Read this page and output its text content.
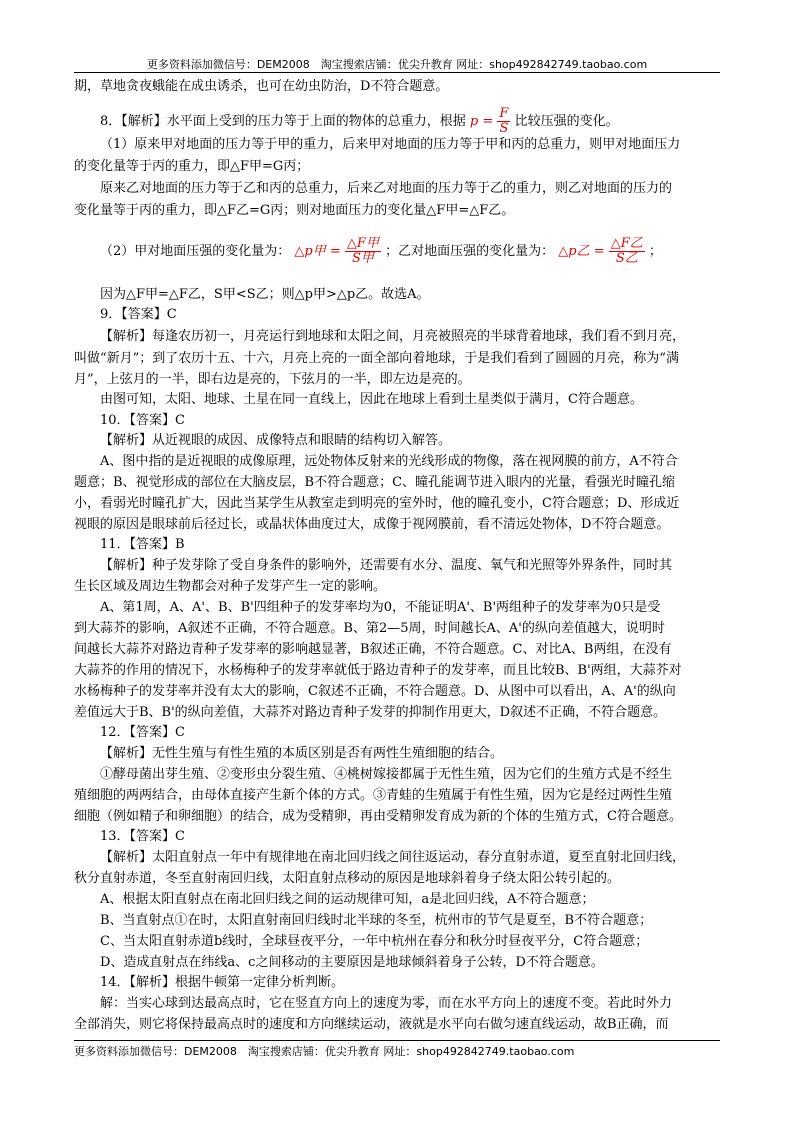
更多资料添加微信号：DEM2008　淘宝搜索店铺：优尖升教育 网址：shop492842749.taobao.com
期，草地贪夜蛾能在成虫诱杀，也可在幼虫防治，D不符合题意。
8．【解析】水平面上受到的压力等于上面的物体的总重力，根据 $p = \frac{F}{S}$ 比较压强的变化。
（1）原来甲对地面的压力等于甲的重力，后来甲对地面的压力等于甲和丙的总重力，则甲对地面压力
的变化量等于丙的重力，即△F甲=G丙；
原来乙对地面的压力等于乙和丙的总重力，后来乙对地面的压力等于乙的重力，则乙对地面的压力的
变化量等于丙的重力，即△F乙=G丙；则对地面压力的变化量△F甲=△F乙。
（2）甲对地面压强的变化量为： △p甲 = $\frac{\text{△F甲}}{\text{S甲}}$ ；乙对地面压强的变化量为： △p乙 = $\frac{\text{△F乙}}{\text{S乙}}$ ；
因为△F甲=△F乙，S甲<S乙；则△p甲>△p乙。故选A。
9．【答案】C
【解析】每逢农历初一，月亮运行到地球和太阳之间，月亮被照亮的半球背着地球，我们看不到月亮，
叫做“新月”；到了农历十五、十六，月亮上亮的一面全部向着地球，于是我们看到了圆圆的月亮，称为“满
月”，上弦月的一半，即右边是亮的，下弦月的一半，即左边是亮的。
由图可知，太阳、地球、土星在同一直线上，因此在地球上看到土星类似于满月，C符合题意。
10．【答案】C
【解析】从近视眼的成因、成像特点和眼睛的结构切入解答。
A、图中指的是近视眼的成像原理，远处物体反射来的光线形成的物像，落在视网膜的前方，A不符合
题意；B、视觉形成的部位在大脑皮层，B不符合题意；C、瞳孔能调节进入眼内的光量，看强光时瞳孔缩
小，看弱光时瞳孔扩大，因此当某学生从教室走到明亮的室外时，他的瞳孔变小，C符合题意；D、形成近
视眼的原因是眼球前后径过长，或晶状体曲度过大，成像于视网膜前，看不清远处物体，D不符合题意。
11．【答案】B
【解析】种子发芽除了受自身条件的影响外，还需要有水分、温度、氧气和光照等外界条件，同时其
生长区域及周边生物都会对种子发芽产生一定的影响。
A、第1周，A、A'、B、B'四组种子的发芽率均为0，不能证明A'、B'两组种子的发芽率为0只是受
到大蒜芥的影响，A叙述不正确，不符合题意。B、第2—5周，时间越长A、A'的纵向差值越大，说明时
间越长大蒜芥对路边青种子发芽率的影响越显著，B叙述正确，不符合题意。C、对比A、B两组，在没有
大蒜芥的作用的情况下，水杨梅种子的发芽率就低于路边青种子的发芽率，而且比较B、B'两组，大蒜芥对
水杨梅种子的发芽率并没有太大的影响，C叙述不正确，不符合题意。D、从图中可以看出，A、A'的纵向
差值远大于B、B'的纵向差值，大蒜芥对路边青种子发芽的抑制作用更大，D叙述不正确，不符合题意。
12．【答案】C
【解析】无性生殖与有性生殖的本质区别是否有两性生殖细胞的结合。
①酵母菌出芽生殖、②变形虫分裂生殖、④桃树嫁接都属于无性生殖，因为它们的生殖方式是不经生
殖细胞的两两结合，由母体直接产生新个体的方式。③青蛙的生殖属于有性生殖，因为它是经过两性生殖
细胞（例如精子和卵细胞）的结合，成为受精卵，再由受精卵发育成为新的个体的生殖方式，C符合题意。
13．【答案】C
【解析】太阳直射点一年中有规律地在南北回归线之间往返运动，春分直射赤道，夏至直射北回归线，
秋分直射赤道，冬至直射南回归线，太阳直射点移动的原因是地球斜着身子绕太阳公转引起的。
A、根据太阳直射点在南北回归线之间的运动规律可知，a是北回归线，A不符合题意；
B、当直射点①在时，太阳直射南回归线时北半球的冬至，杭州市的节气是夏至，B不符合题意；
C、当太阳直射赤道b线时，全球昼夜平分，一年中杭州在春分和秋分时昼夜平分，C符合题意；
D、造成直射点在纬线a、c之间移动的主要原因是地球倾斜着身子公转，D不符合题意。
14．【解析】根据牛顿第一定律分析判断。
解：当实心球到达最高点时，它在竖直方向上的速度为零，而在水平方向上的速度不变。若此时外力
全部消失，则它将保持最高点时的速度和方向继续运动，液就是水平向右做匀速直线运动，故B正确，而
更多资料添加微信号：DEM2008　淘宝搜索店铺：优尖升教育 网址：shop492842749.taobao.com
